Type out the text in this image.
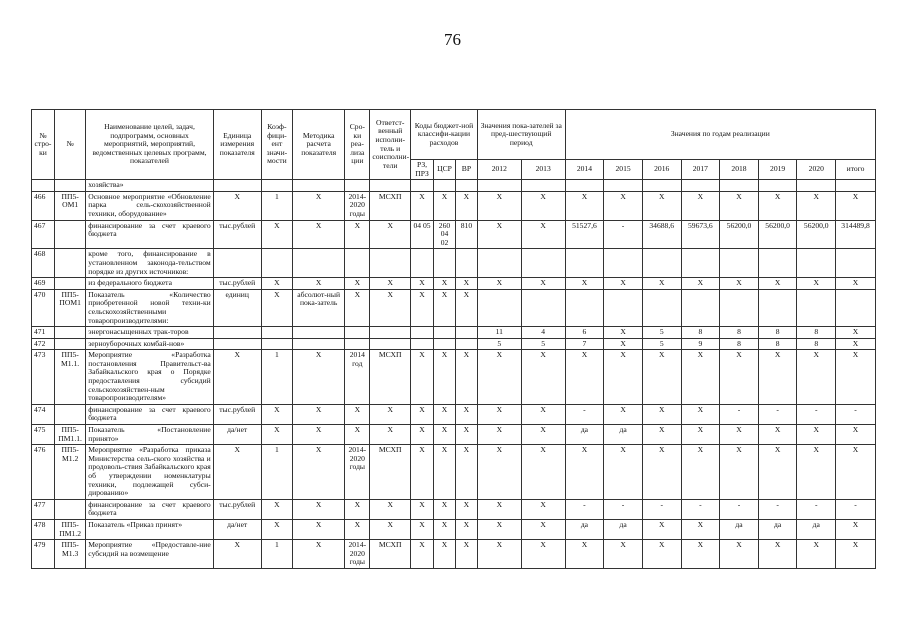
76
№ стро-ки	№	Наименование целей, задач, подпрограмм, основных мероприятий, мероприятий, ведомственных целевых программ, показателей	Единица измерения показателя	Коэф-фици-ент значи-мости	Методика расчета показателя	Сро-ки реа-лиза ции	Ответст-венный исполни-тель и соисполни-тели	Коды бюджет-ной классифи-кации расходов			Значения пока-зателей за пред-шествующий период		Значения по годам реализации							
								РЗ, ПРЗ	ЦСР	ВР	2012	2013	2014	2015	2016	2017	2018	2019	2020	итого
		хозяйства»																		
466	ПП5-ОМ1	Основное мероприятие «Обновление парка сель-скохозяйственной техники, оборудование»	Х	1	Х	2014-2020 годы	МСХП	Х	Х	Х	Х	Х	Х	Х	Х	Х	Х	Х	Х	Х
467		финансирование за счет краевого бюджета	тыс.рублей	Х	Х	Х	Х	04 05	260 04 02	810	Х	Х	51527,6	-	34688,6	59673,6	56200,0	56200,0	56200,0	314489,8
468		кроме того, финансирование в установленном законода-тельством порядке из других источников:																		
469		из федерального бюджета	тыс.рублей	Х	Х	Х	Х	Х	Х	Х	Х	Х	Х	Х	Х	Х	Х	Х	Х	Х
470	ПП5-ПОМ1	Показатель «Количество приобретенной новой техни-ки сельскохозяйственными товаропроизводителями:	единиц	Х	абсолют-ный пока-затель	Х	Х	Х	Х	Х										
471		энергонасыщенных трак-торов									11	4	6	Х	5	8	8	8	8	Х
472		зерноуборочных комбай-нов»									5	5	7	Х	5	9	8	8	8	Х
473	ПП5-М1.1.	Мероприятие «Разработка постановления Правительст-ва Забайкальского края о Порядке предоставления субсидий сельскохозяйствен-ным товаропроизводителям»	Х	1	Х	2014 год	МСХП	Х	Х	Х	Х	Х	Х	Х	Х	Х	Х	Х	Х	Х
474		финансирование за счет краевого бюджета	тыс.рублей	Х	Х	Х	Х	Х	Х	Х	Х	Х	-	Х	Х	Х	-	-	-	-
475	ПП5-ПМ1.1.	Показатель «Постановление принято»	да/нет	Х	Х	Х	Х	Х	Х	Х	Х	Х	да	да	Х	Х	Х	Х	Х	Х
476	ПП5-М1.2	Мероприятие «Разработка приказа Министерства сель-ского хозяйства и продоволь-ствия Забайкальского края об утверждении номенклатуры техники, подлежащей субси-дированию»	Х	1	Х	2014-2020 годы	МСХП	Х	Х	Х	Х	Х	Х	Х	Х	Х	Х	Х	Х	Х
477		финансирование за счет краевого бюджета	тыс.рублей	Х	Х	Х	Х	Х	Х	Х	Х	Х	-	-	-	-	-	-	-	-
478	ПП5-ПМ1.2	Показатель «Приказ принят»	да/нет	Х	Х	Х	Х	Х	Х	Х	Х	Х	да	да	Х	Х	да	да	да	Х
479	ПП5-М1.3	Мероприятие «Предоставле-ние субсидий на возмещение	Х	1	Х	2014-2020 годы	МСХП	Х	Х	Х	Х	Х	Х	Х	Х	Х	Х	Х	Х	Х
